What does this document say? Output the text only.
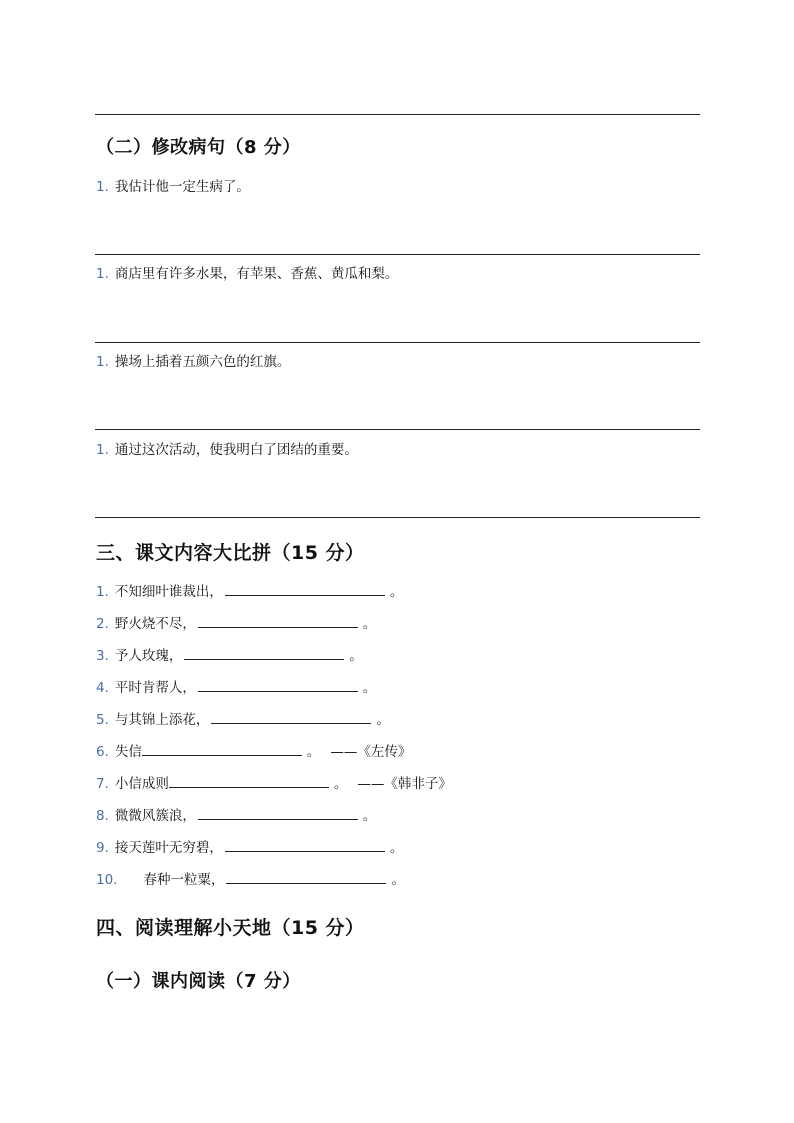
（二）修改病句（8 分）
1. 我估计他一定生病了。
1. 商店里有许多水果，有苹果、香蕉、黄瓜和梨。
1. 操场上插着五颜六色的红旗。
1. 通过这次活动，使我明白了团结的重要。
三、课文内容大比拼（15 分）
1. 不知细叶谁裁出，	。
2. 野火烧不尽，	。
3. 予人玫瑰，	。
4. 平时肯帮人，	。
5. 与其锦上添花，	。
6. 失信	。 ——《左传》
7. 小信成则	。 ——《韩非子》
8. 微微风簇浪，	。
9. 接天莲叶无穷碧，	。
10. 春种一粒粟，	。
四、阅读理解小天地（15 分）
（一）课内阅读（7 分）
